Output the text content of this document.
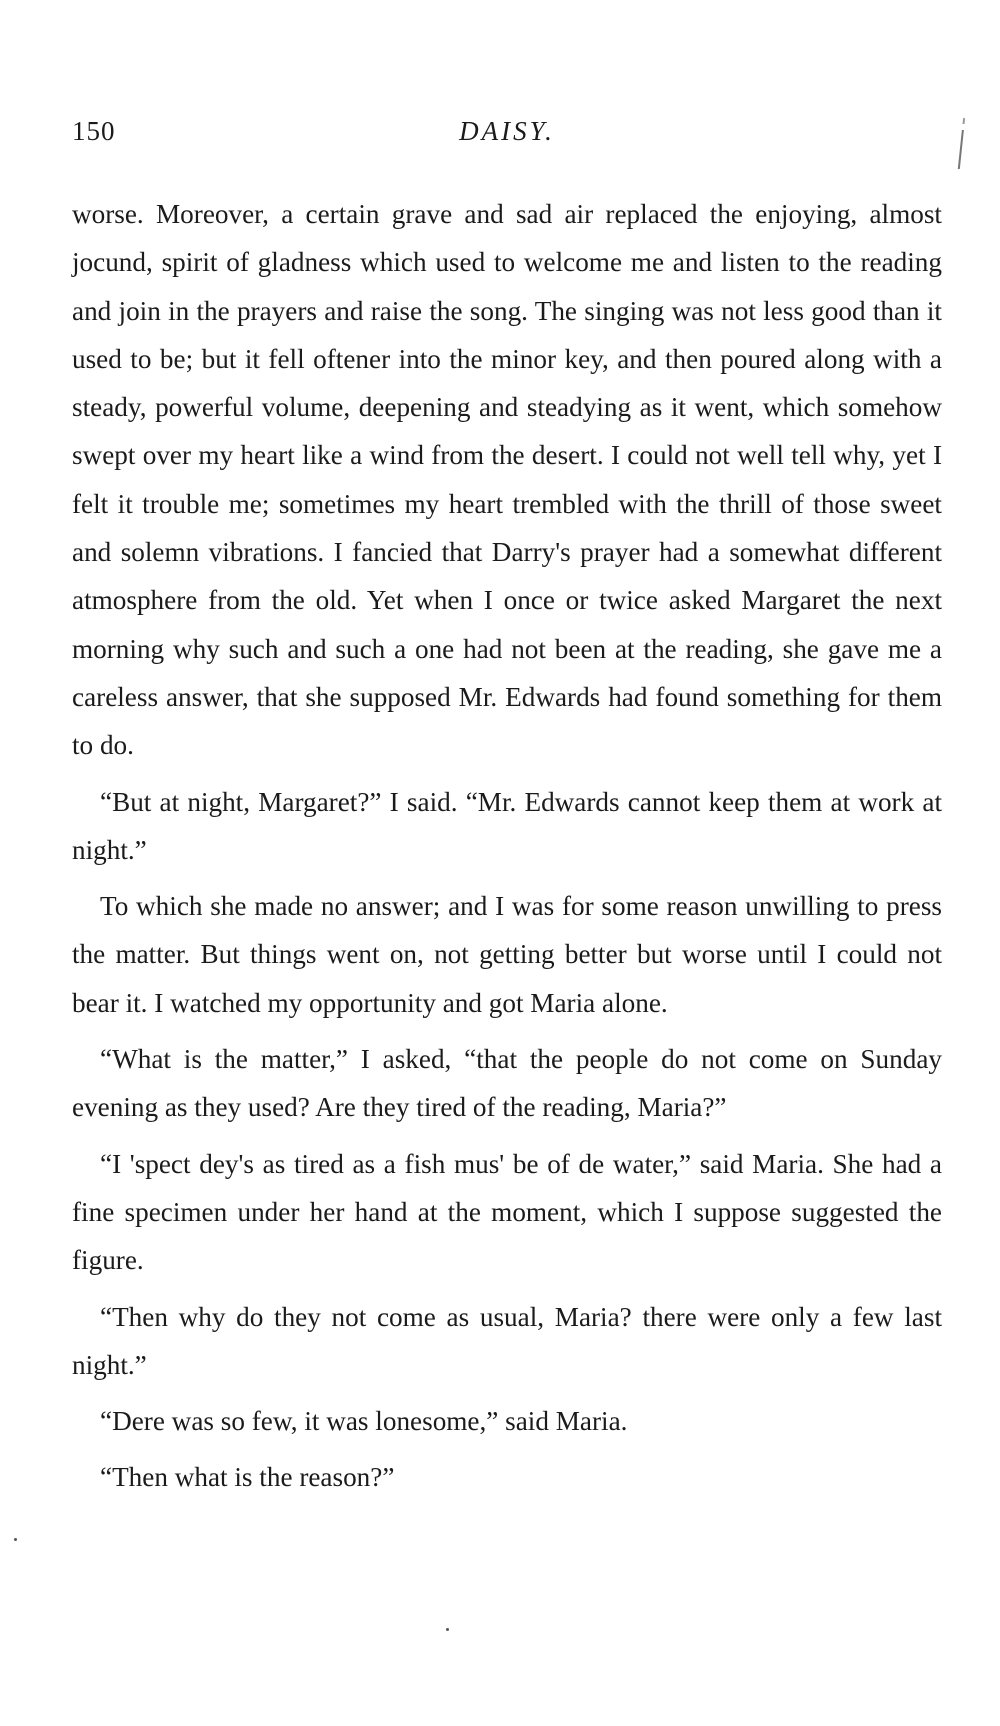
150	DAISY.

worse. Moreover, a certain grave and sad air replaced the enjoying, almost jocund, spirit of gladness which used to welcome me and listen to the reading and join in the prayers and raise the song. The singing was not less good than it used to be; but it fell oftener into the minor key, and then poured along with a steady, powerful volume, deepening and steadying as it went, which somehow swept over my heart like a wind from the desert. I could not well tell why, yet I felt it trouble me; sometimes my heart trembled with the thrill of those sweet and solemn vibrations. I fancied that Darry's prayer had a somewhat different atmosphere from the old. Yet when I once or twice asked Margaret the next morning why such and such a one had not been at the reading, she gave me a careless answer, that she supposed Mr. Edwards had found something for them to do.

“But at night, Margaret?” I said. “Mr. Edwards cannot keep them at work at night.”

To which she made no answer; and I was for some reason unwilling to press the matter. But things went on, not getting better but worse until I could not bear it. I watched my opportunity and got Maria alone.

“What is the matter,” I asked, “that the people do not come on Sunday evening as they used? Are they tired of the reading, Maria?”

“I 'spect dey's as tired as a fish mus' be of de water,” said Maria. She had a fine specimen under her hand at the moment, which I suppose suggested the figure.

“Then why do they not come as usual, Maria? there were only a few last night.”

“Dere was so few, it was lonesome,” said Maria.

“Then what is the reason?”
